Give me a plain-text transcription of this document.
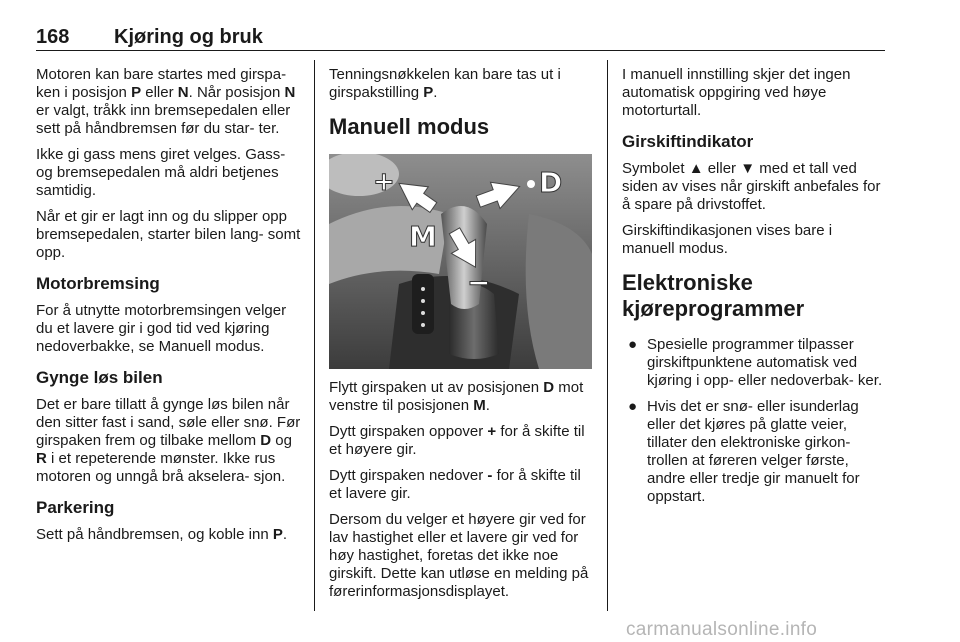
168 Kjøring og bruk

Motoren kan bare startes med girspa‐ ken i posisjon P eller N. Når posisjon N er valgt, tråkk inn bremsepedalen eller sett på håndbremsen før du star‐ ter.

Ikke gi gass mens giret velges. Gass- og bremsepedalen må aldri betjenes samtidig.

Når et gir er lagt inn og du slipper opp bremsepedalen, starter bilen lang‐ somt opp.

Motorbremsing

For å utnytte motorbremsingen velger du et lavere gir i god tid ved kjøring nedoverbakke, se Manuell modus.

Gynge løs bilen

Det er bare tillatt å gynge løs bilen når den sitter fast i sand, søle eller snø. Før girspaken frem og tilbake mellom D og R i et repeterende mønster. Ikke rus motoren og unngå brå akselera‐ sjon.

Parkering

Sett på håndbremsen, og koble inn P.

Tenningsnøkkelen kan bare tas ut i girspakstilling P.

Manuell modus
+	D
M
−

Flytt girspaken ut av posisjonen D mot venstre til posisjonen M.

Dytt girspaken oppover + for å skifte til et høyere gir.

Dytt girspaken nedover - for å skifte til et lavere gir.

Dersom du velger et høyere gir ved for lav hastighet eller et lavere gir ved for høy hastighet, foretas det ikke noe girskift. Dette kan utløse en melding på førerinformasjonsdisplayet.

I manuell innstilling skjer det ingen automatisk oppgiring ved høye motorturtall.

Girskiftindikator

Symbolet ▲ eller ▼ med et tall ved siden av vises når girskift anbefales for å spare på drivstoffet.

Girskiftindikasjonen vises bare i manuell modus.

Elektroniske kjøreprogrammer
● Spesielle programmer tilpasser girskiftpunktene automatisk ved kjøring i opp- eller nedoverbak‐ ker.
● Hvis det er snø- eller isunderlag eller det kjøres på glatte veier, tillater den elektroniske girkon‐ trollen at føreren velger første, andre eller tredje gir manuelt for oppstart.
carmanualsonline.info
